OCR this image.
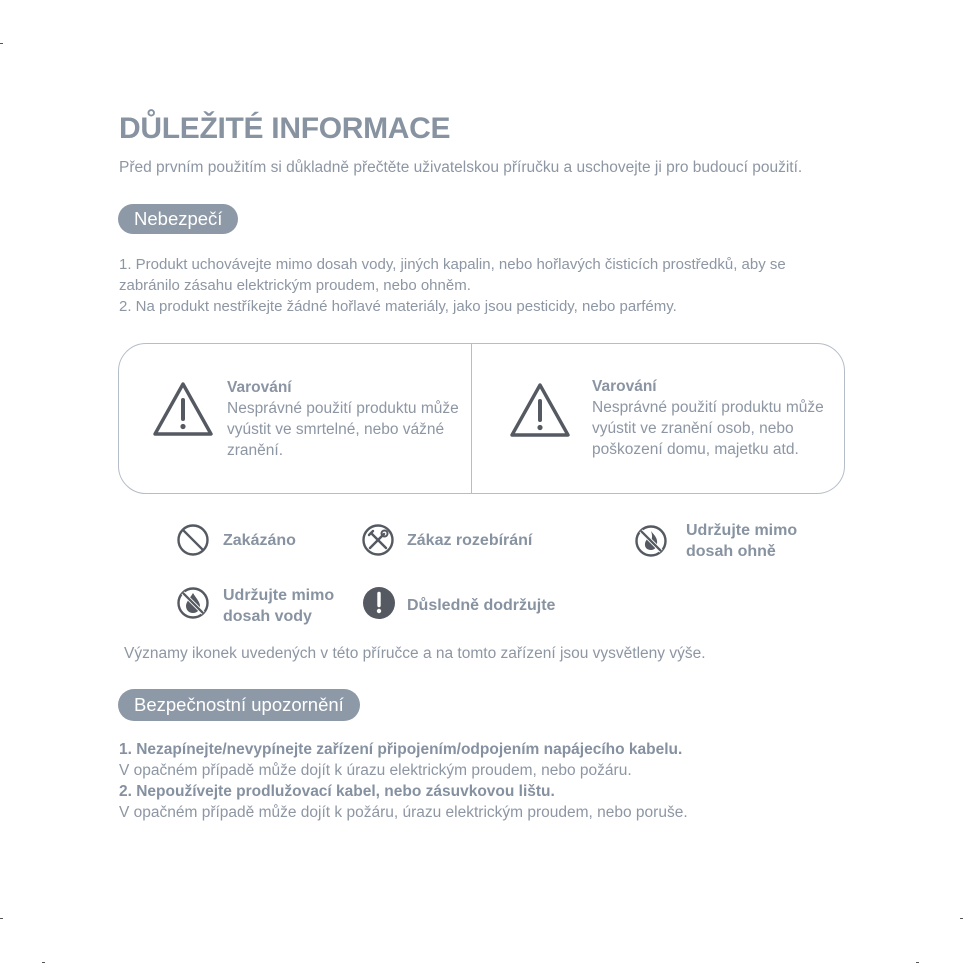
DŮLEŽITÉ INFORMACE
Před prvním použitím si důkladně přečtěte uživatelskou příručku a uschovejte ji pro budoucí použití.
Nebezpečí

1. Produkt uchovávejte mimo dosah vody, jiných kapalin, nebo hořlavých čisticích prostředků, aby se zabránilo zásahu elektrickým proudem, nebo ohněm.

2. Na produkt nestříkejte žádné hořlavé materiály, jako jsou pesticidy, nebo parfémy.

Varování
Nesprávné použití produktu může vyústit ve smrtelné, nebo vážné zranění.
Varování
Nesprávné použití produktu může vyústit ve zranění osob, nebo poškození domu, majetku atd.
Zakázáno	Zákaz rozebírání
Udržujte mimo dosah ohně
Udržujte mimo dosah vody
Důsledně dodržujte
Významy ikonek uvedených v této příručce a na tomto zařízení jsou vysvětleny výše.
Bezpečnostní upozornění

1. Nezapínejte/nevypínejte zařízení připojením/odpojením napájecího kabelu.

V opačném případě může dojít k úrazu elektrickým proudem, nebo požáru.

2. Nepoužívejte prodlužovací kabel, nebo zásuvkovou lištu.

V opačném případě může dojít k požáru, úrazu elektrickým proudem, nebo poruše.
